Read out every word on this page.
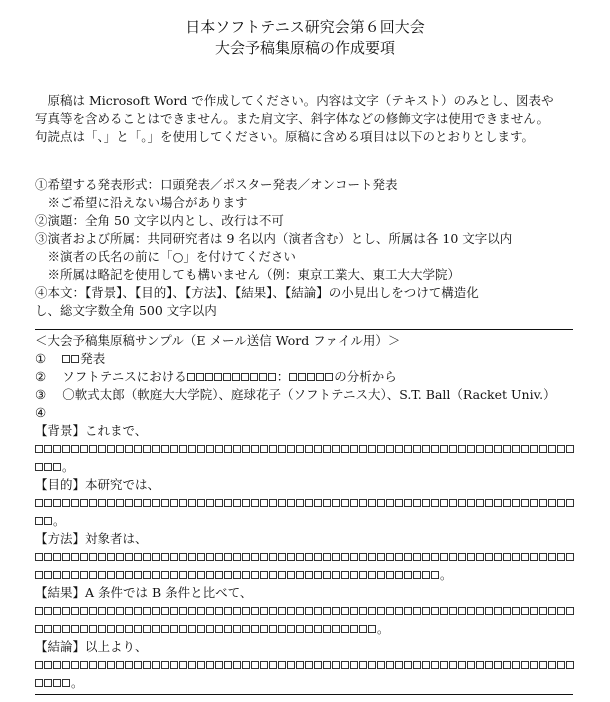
日本ソフトテニス研究会第６回大会
大会予稿集原稿の作成要項
　原稿は Microsoft Word で作成してください。内容は文字（テキスト）のみとし、図表や
写真等を含めることはできません。また肩文字、斜字体などの修飾文字は使用できません。
句読点は「、」と「。」を使用してください。原稿に含める項目は以下のとおりとします。
①希望する発表形式：口頭発表／ポスター発表／オンコート発表
　※ご希望に沿えない場合があります
②演題：全角 50 文字以内とし、改行は不可
③演者および所属：共同研究者は 9 名以内（演者含む）とし、所属は各 10 文字以内
　※演者の氏名の前に「○」を付けてください
　※所属は略記を使用しても構いません（例：東京工業大、東工大大学院）
④本文：【背景】、【目的】、【方法】、【結果】、【結論】の小見出しをつけて構造化
し、総文字数全角 500 文字以内
＜大会予稿集原稿サンプル（E メール送信 Word ファイル用）＞
①	発表
② ソフトテニスにおける	：	の分析から
③ 〇軟式太郎（軟庭大大学院）、庭球花子（ソフトテニス大）、S.T. Ball（Racket Univ.）
④
【背景】これまで、
。
【目的】本研究では、
。
【方法】対象者は、
。
【結果】A 条件では B 条件と比べて、
。
【結論】以上より、
。
